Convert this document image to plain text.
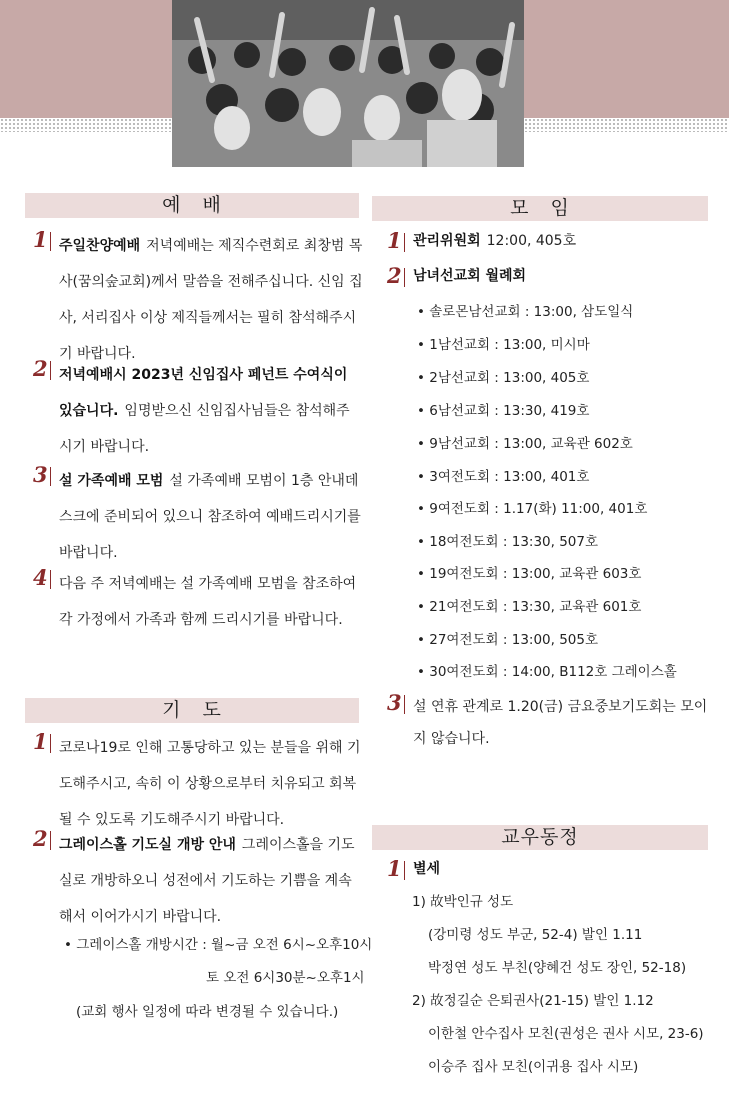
예   배
1 주일찬양예배 저녁예배는 제직수련회로 최창범 목사(꿈의숲교회)께서 말씀을 전해주십니다. 신임 집사, 서리집사 이상 제직들께서는 필히 참석해주시기 바랍니다.
2 저녁예배시 2023년 신임집사 페넌트 수여식이 있습니다. 임명받으신 신임집사님들은 참석해주시기 바랍니다.
3 설 가족예배 모범 설 가족예배 모범이 1층 안내데스크에 준비되어 있으니 참조하여 예배드리시기를 바랍니다.
4 다음 주 저녁예배는 설 가족예배 모범을 참조하여 각 가정에서 가족과 함께 드리시기를 바랍니다.
기   도
1 코로나19로 인해 고통당하고 있는 분들을 위해 기도해주시고, 속히 이 상황으로부터 치유되고 회복될 수 있도록 기도해주시기 바랍니다.
2 그레이스홀 기도실 개방 안내 그레이스홀을 기도실로 개방하오니 성전에서 기도하는 기쁨을 계속해서 이어가시기 바랍니다.
• 그레이스홀 개방시간 : 월~금 오전 6시~오후10시
토 오전 6시30분~오후1시
(교회 행사 일정에 따라 변경될 수 있습니다.)
모   임
1 관리위원회 12:00, 405호
2 남녀선교회 월례회
• 솔로몬남선교회 : 13:00, 삼도일식
• 1남선교회 : 13:00, 미시마
• 2남선교회 : 13:00, 405호
• 6남선교회 : 13:30, 419호
• 9남선교회 : 13:00, 교육관 602호
• 3여전도회 : 13:00, 401호
• 9여전도회 : 1.17(화) 11:00, 401호
• 18여전도회 : 13:30, 507호
• 19여전도회 : 13:00, 교육관 603호
• 21여전도회 : 13:30, 교육관 601호
• 27여전도회 : 13:00, 505호
• 30여전도회 : 14:00, B112호 그레이스홀
3 설 연휴 관계로 1.20(금) 금요중보기도회는 모이지 않습니다.
교우동정
1 별세
1) 故박인규 성도
(강미령 성도 부군, 52-4) 발인 1.11
박정연 성도 부친(양혜건 성도 장인, 52-18)
2) 故정길순 은퇴권사(21-15) 발인 1.12
이한철 안수집사 모친(권성은 권사 시모, 23-6)
이승주 집사 모친(이귀용 집사 시모)
